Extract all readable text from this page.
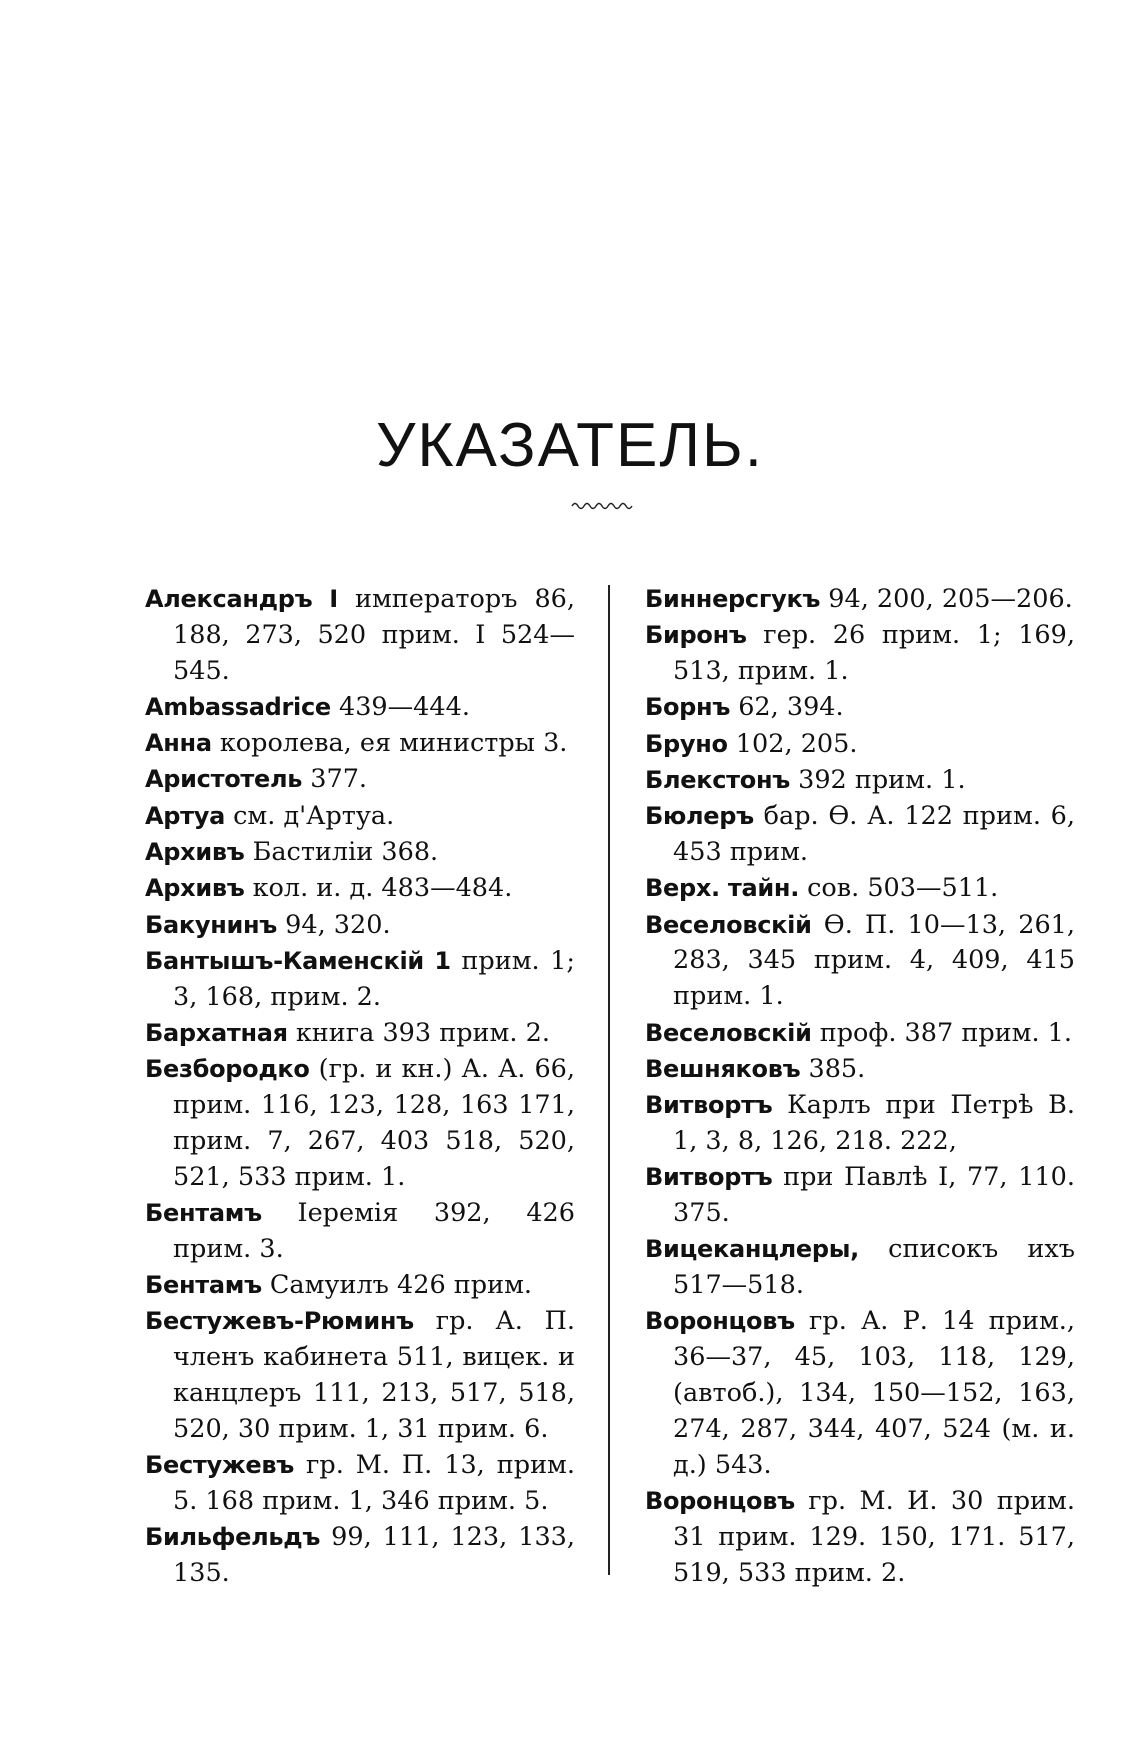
УКАЗАТЕЛЬ.

Александръ I императоръ 86, 188, 273, 520 прим. I 524—545.

Ambassadrice 439—444.

Анна королева, ея министры 3.

Аристотель 377.

Артуа см. д'Артуа.

Архивъ Бастиліи 368.

Архивъ кол. и. д. 483—484.

Бакунинъ 94, 320.

Бантышъ-Каменскій 1 прим. 1; 3, 168, прим. 2.

Бархатная книга 393 прим. 2.

Безбородко (гр. и кн.) А. А. 66, прим. 116, 123, 128, 163 171, прим. 7, 267, 403 518, 520, 521, 533 прим. 1.

Бентамъ Іеремія 392, 426 прим. 3.

Бентамъ Самуилъ 426 прим.

Бестужевъ-Рюминъ гр. А. П. членъ кабинета 511, вицек. и канцлеръ 111, 213, 517, 518, 520, 30 прим. 1, 31 прим. 6.

Бестужевъ гр. М. П. 13, прим. 5. 168 прим. 1, 346 прим. 5.

Бильфельдъ 99, 111, 123, 133, 135.

Биннерсгукъ 94, 200, 205—206.

Биронъ гер. 26 прим. 1; 169, 513, прим. 1.

Борнъ 62, 394.

Бруно 102, 205.

Блекстонъ 392 прим. 1.

Бюлеръ бар. Ѳ. А. 122 прим. 6, 453 прим.

Верх. тайн. сов. 503—511.

Веселовскій Ѳ. П. 10—13, 261, 283, 345 прим. 4, 409, 415 прим. 1.

Веселовскій проф. 387 прим. 1.

Вешняковъ 385.

Витвортъ Карлъ при Петрѣ В. 1, 3, 8, 126, 218. 222,

Витвортъ при Павлѣ I, 77, 110. 375.

Вицеканцлеры, списокъ ихъ 517—518.

Воронцовъ гр. А. Р. 14 прим., 36—37, 45, 103, 118, 129, (автоб.), 134, 150—152, 163, 274, 287, 344, 407, 524 (м. и. д.) 543.

Воронцовъ гр. М. И. 30 прим. 31 прим. 129. 150, 171. 517, 519, 533 прим. 2.
